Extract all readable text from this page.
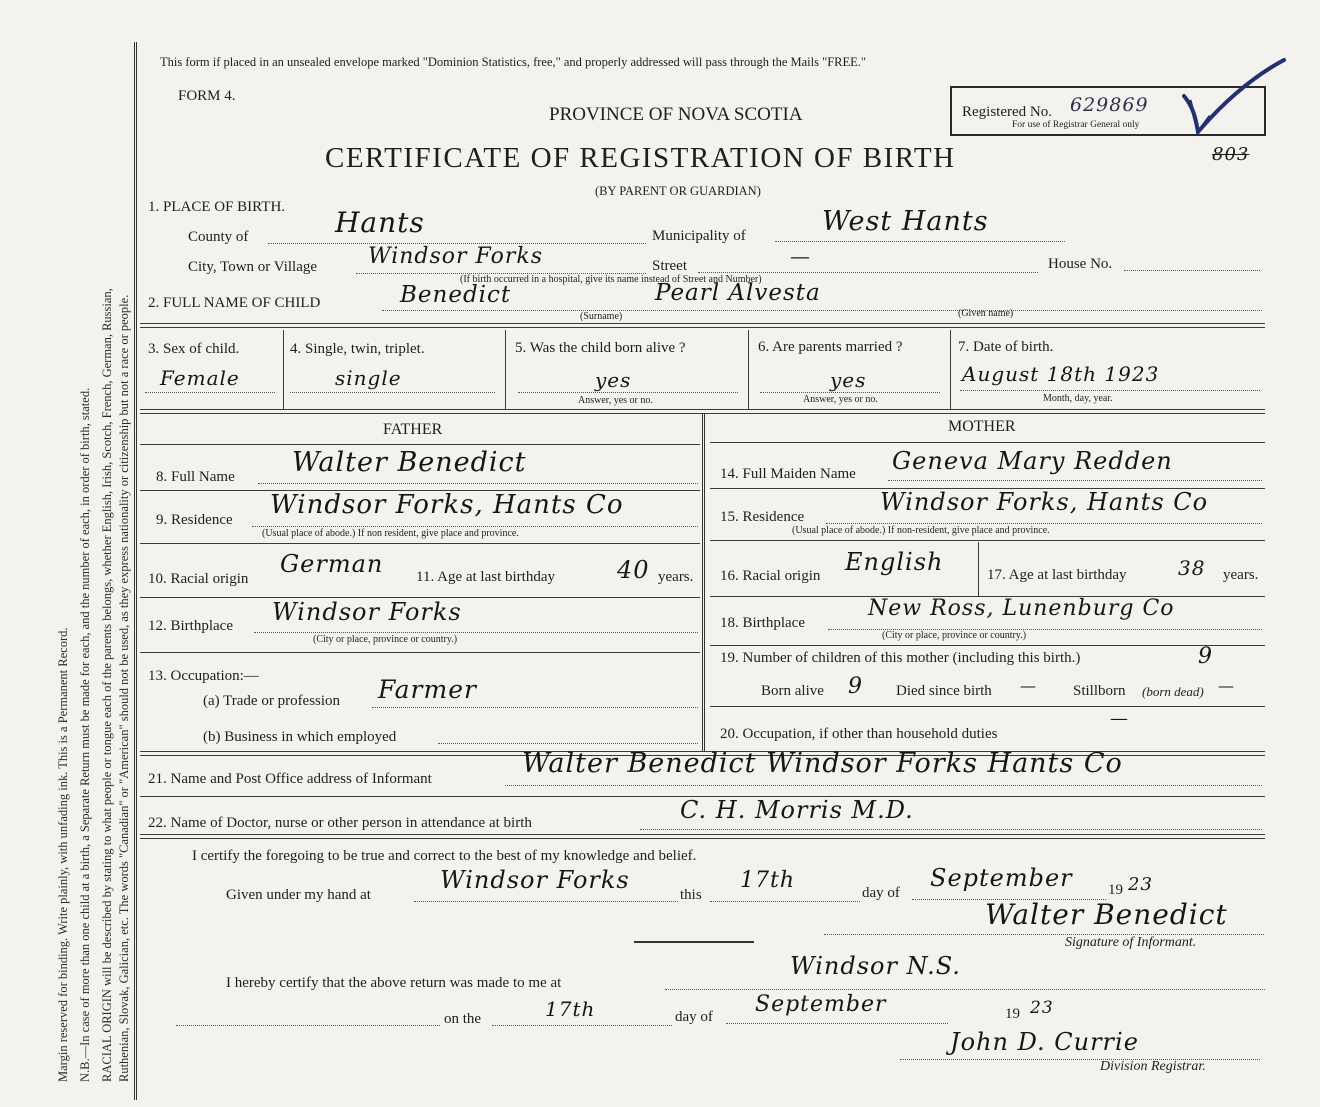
Margin reserved for binding. Write plainly, with unfading ink. This is a Permanent Record. N.B.—In case of more than one child at a birth, a Separate Return must be made for each, and the number of each, in order of birth, stated. RACIAL ORIGIN will be described by stating to what people or tongue each of the parents belongs, whether English, Irish, Scotch, French, German, Russian, Ruthenian, Slovak, Galician, etc. The words "Canadian" or "American" should not be used, as they express nationality or citizenship but not a race or people.
This form if placed in an unsealed envelope marked "Dominion Statistics, free," and properly addressed will pass through the Mails "FREE."
FORM 4.
PROVINCE OF NOVA SCOTIA
CERTIFICATE OF REGISTRATION OF BIRTH
(BY PARENT OR GUARDIAN)
Registered No. 629869
For use of Registrar General only
803
1. PLACE OF BIRTH.
County of	Hants	Municipality of	West Hants
City, Town or Village Windsor Forks	Street	—	House No.
(If birth occurred in a hospital, give its name instead of Street and Number)
2. FULL NAME OF CHILD	Benedict	Pearl Alvesta
(Surname)	(Given name)
3. Sex of child.
Female
4. Single, twin, triplet.
single
5. Was the child born alive ?
yes
Answer, yes or no.
6. Are parents married ?
yes
Answer, yes or no.
7. Date of birth.
August 18th 1923
Month, day, year.
FATHER
8. Full Name Walter Benedict
9. Residence Windsor Forks, Hants Co
(Usual place of abode.) If non resident, give place and province.
10. Racial origin
German 11. Age at last birthday	40 years.
12. Birthplace Windsor Forks
(City or place, province or country.)
13. Occupation:—
(a) Trade or profession Farmer
(b) Business in which employed
MOTHER
14. Full Maiden Name Geneva Mary Redden
15. Residence
Windsor Forks, Hants Co
(Usual place of abode.) If non-resident, give place and province.
16. Racial origin English	17. Age at last birthday	38 years.
18. Birthplace
New Ross, Lunenburg Co
(City or place, province or country.)
19. Number of children of this mother (including this birth.)	9
Born alive 9 Died since birth — Stillborn (born dead) —
20. Occupation, if other than household duties
—
21. Name and Post Office address of Informant	Walter Benedict Windsor Forks Hants Co
22. Name of Doctor, nurse or other person in attendance at birth	C. H. Morris M.D.
I certify the foregoing to be true and correct to the best of my knowledge and belief.
Given under my hand at
Windsor Forks
this
17th	day of
September 19 23
Walter Benedict
Signature of Informant.
I hereby certify that the above return was made to me at
Windsor N.S.
on the	17th	day of September	19 23
John D. Currie
Division Registrar.
